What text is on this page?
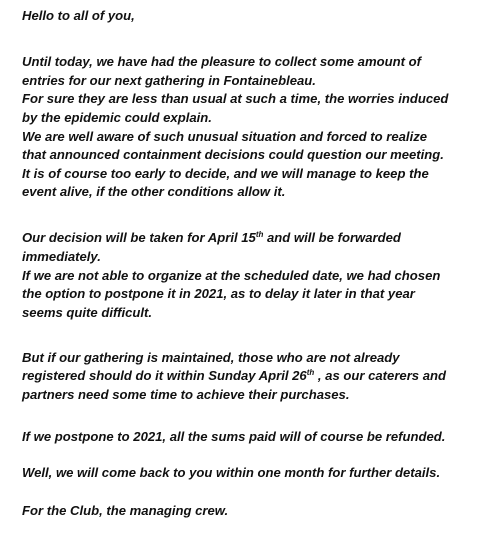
Hello to all of you,
Until today, we have had the pleasure to collect some amount of
entries for our next gathering in Fontainebleau.
For sure they are less than usual at such a time, the worries induced
by the epidemic could explain.
We are well aware of such unusual situation and forced to realize
that announced containment decisions could question our meeting.
It is of course too early to decide, and we will manage to keep the
event alive, if the other conditions allow it.
Our decision will be taken for April 15th and will be forwarded
immediately.
If we are not able to organize at the scheduled date, we had chosen
the option to postpone it in 2021, as to delay it later in that year
seems quite difficult.
But if our gathering is maintained, those who are not already
registered should do it within Sunday April 26th , as our caterers and
partners need some time to achieve their purchases.
If we postpone to 2021, all the sums paid will of course be refunded.
Well, we will come back to you within one month for further details.
For the Club, the managing crew.
